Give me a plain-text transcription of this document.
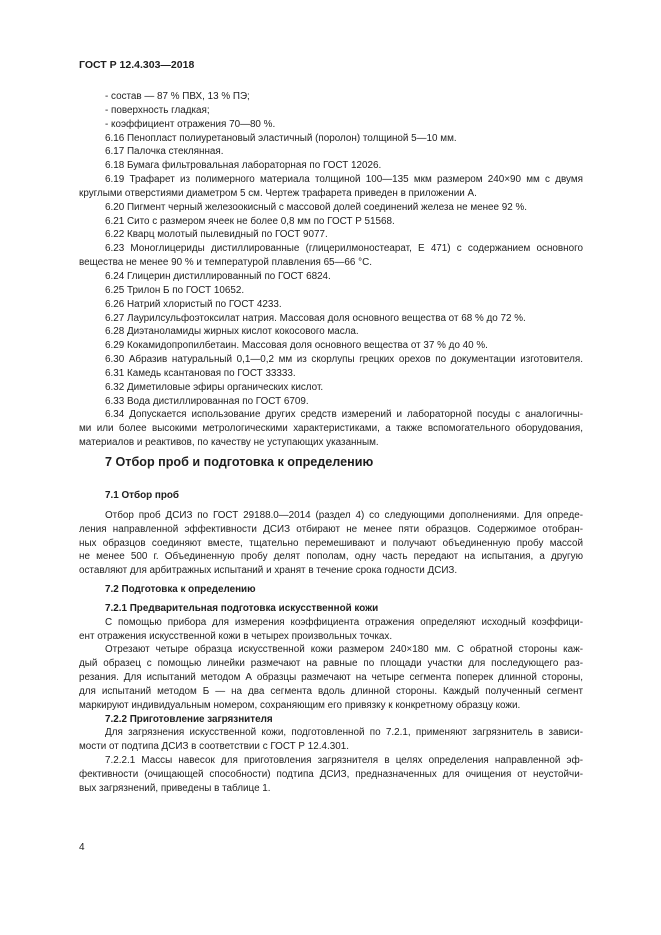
ГОСТ Р 12.4.303—2018
- состав — 87 % ПВХ, 13 % ПЭ;
- поверхность гладкая;
- коэффициент отражения 70—80 %.
6.16 Пенопласт полиуретановый эластичный (поролон) толщиной 5—10 мм.
6.17 Палочка стеклянная.
6.18 Бумага фильтровальная лабораторная по ГОСТ 12026.
6.19 Трафарет из полимерного материала толщиной 100—135 мкм размером 240×90 мм с двумя
круглыми отверстиями диаметром 5 см. Чертеж трафарета приведен в приложении А.
6.20 Пигмент черный железоокисный с массовой долей соединений железа не менее 92 %.
6.21 Сито с размером ячеек не более 0,8 мм по ГОСТ Р 51568.
6.22 Кварц молотый пылевидный по ГОСТ 9077.
6.23 Моноглицериды дистиллированные (глицерилмоностеарат, Е 471) с содержанием основного
вещества не менее 90 % и температурой плавления 65—66 °С.
6.24 Глицерин дистиллированный по ГОСТ 6824.
6.25 Трилон Б по ГОСТ 10652.
6.26 Натрий хлористый по ГОСТ 4233.
6.27 Лаурилсульфоэтоксилат натрия. Массовая доля основного вещества от 68 % до 72 %.
6.28 Диэтаноламиды жирных кислот кокосового масла.
6.29 Кокамидопропилбетаин. Массовая доля основного вещества от 37 % до 40 %.
6.30 Абразив натуральный 0,1—0,2 мм из скорлупы грецких орехов по документации изготовителя.
6.31 Камедь ксантановая по ГОСТ 33333.
6.32 Диметиловые эфиры органических кислот.
6.33 Вода дистиллированная по ГОСТ 6709.
6.34 Допускается использование других средств измерений и лабораторной посуды с аналогичны-
ми или более высокими метрологическими характеристиками, а также вспомогательного оборудования,
материалов и реактивов, по качеству не уступающих указанным.
7 Отбор проб и подготовка к определению
7.1 Отбор проб
Отбор проб ДСИЗ по ГОСТ 29188.0—2014 (раздел 4) со следующими дополнениями. Для опреде-
ления направленной эффективности ДСИЗ отбирают не менее пяти образцов. Содержимое отобран-
ных образцов соединяют вместе, тщательно перемешивают и получают объединенную пробу массой
не менее 500 г. Объединенную пробу делят пополам, одну часть передают на испытания, а другую
оставляют для арбитражных испытаний и хранят в течение срока годности ДСИЗ.
7.2 Подготовка к определению
7.2.1 Предварительная подготовка искусственной кожи
С помощью прибора для измерения коэффициента отражения определяют исходный коэффици-
ент отражения искусственной кожи в четырех произвольных точках.
Отрезают четыре образца искусственной кожи размером 240×180 мм. С обратной стороны каж-
дый образец с помощью линейки размечают на равные по площади участки для последующего раз-
резания. Для испытаний методом А образцы размечают на четыре сегмента поперек длинной стороны,
для испытаний методом Б — на два сегмента вдоль длинной стороны. Каждый полученный сегмент
маркируют индивидуальным номером, сохраняющим его привязку к конкретному образцу кожи.
7.2.2 Приготовление загрязнителя
Для загрязнения искусственной кожи, подготовленной по 7.2.1, применяют загрязнитель в зависи-
мости от подтипа ДСИЗ в соответствии с ГОСТ Р 12.4.301.
7.2.2.1 Массы навесок для приготовления загрязнителя в целях определения направленной эф-
фективности (очищающей способности) подтипа ДСИЗ, предназначенных для очищения от неустойчи-
вых загрязнений, приведены в таблице 1.
4
